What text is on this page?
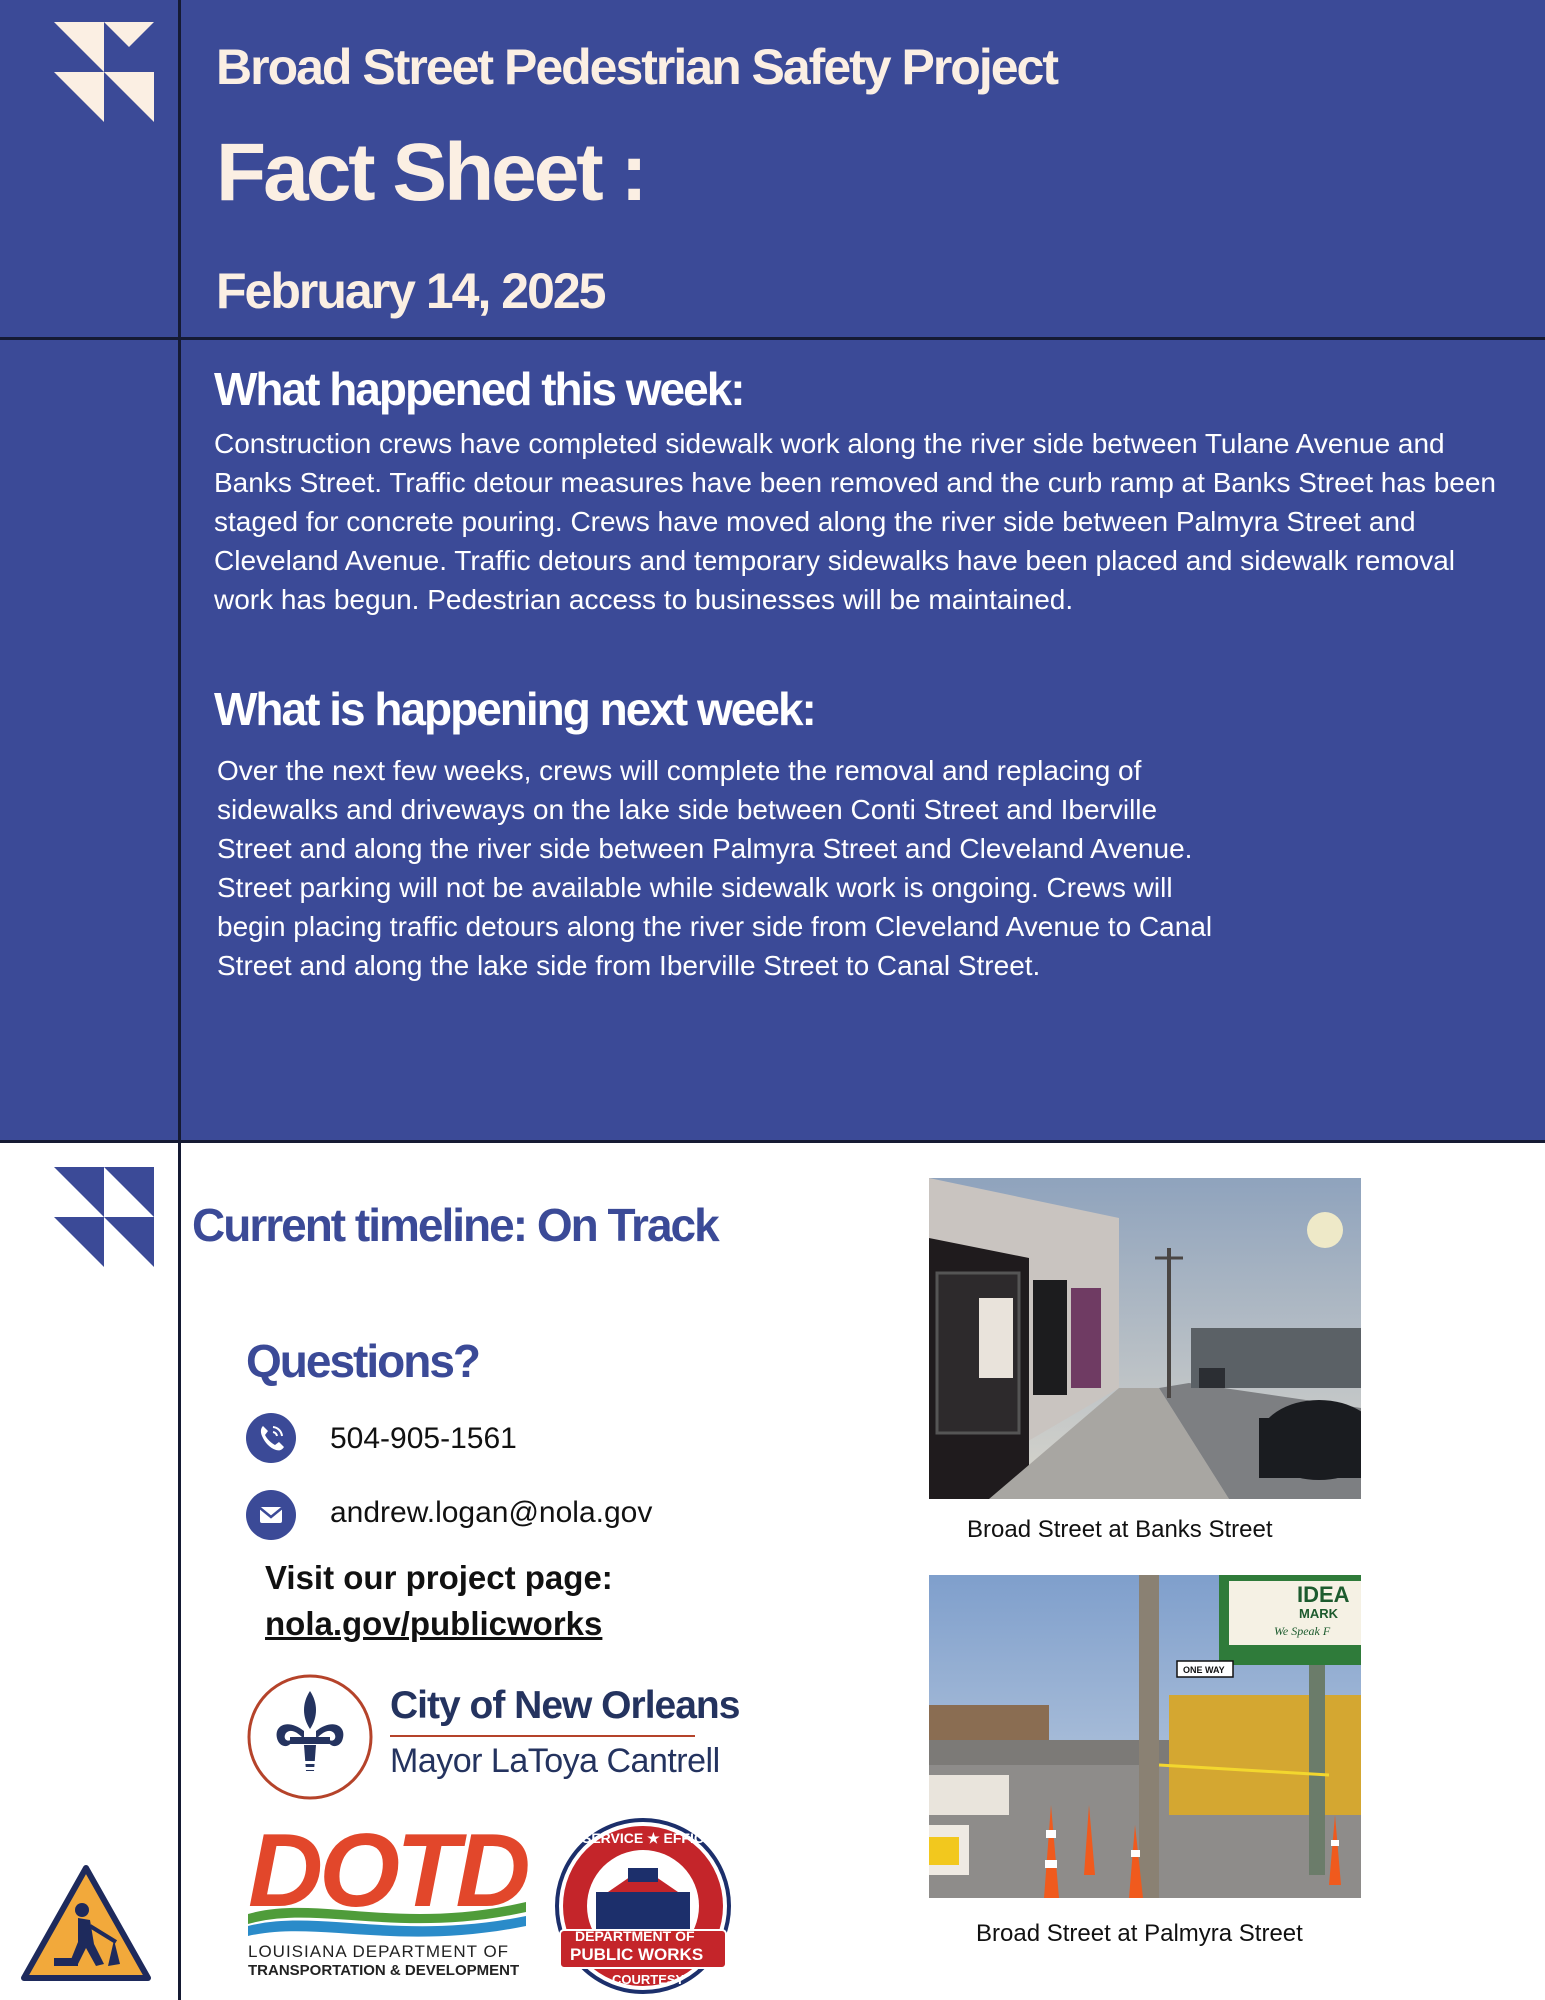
Broad Street Pedestrian Safety Project
Fact Sheet :
February 14, 2025
What happened this week:
Construction crews have completed sidewalk work along the river side between Tulane Avenue and Banks Street. Traffic detour measures have been removed and the curb ramp at Banks Street has been staged for concrete pouring. Crews have moved along the river side between Palmyra Street and Cleveland Avenue. Traffic detours and temporary sidewalks have been placed and sidewalk removal work has begun. Pedestrian access to businesses will be maintained.
What is happening next week:
Over the next few weeks, crews will complete the removal and replacing of sidewalks and driveways on the lake side between Conti Street and Iberville Street and along the river side between Palmyra Street and Cleveland Avenue. Street parking will not be available while sidewalk work is ongoing. Crews will begin placing traffic detours along the river side from Cleveland Avenue to Canal Street and along the lake side from Iberville Street to Canal Street.
Current timeline: On Track
Questions?
504-905-1561
andrew.logan@nola.gov
Visit our project page:
nola.gov/publicworks
City of New Orleans
Mayor LaToya Cantrell
DOTD
LOUISIANA DEPARTMENT OF
TRANSPORTATION & DEVELOPMENT
SERVICE ★ EFFICIENCY
DEPARTMENT OF
PUBLIC WORKS
COURTESY
Broad Street at Banks Street
IDEA
MARK
We Speak F
ONE WAY
Broad Street at Palmyra Street
